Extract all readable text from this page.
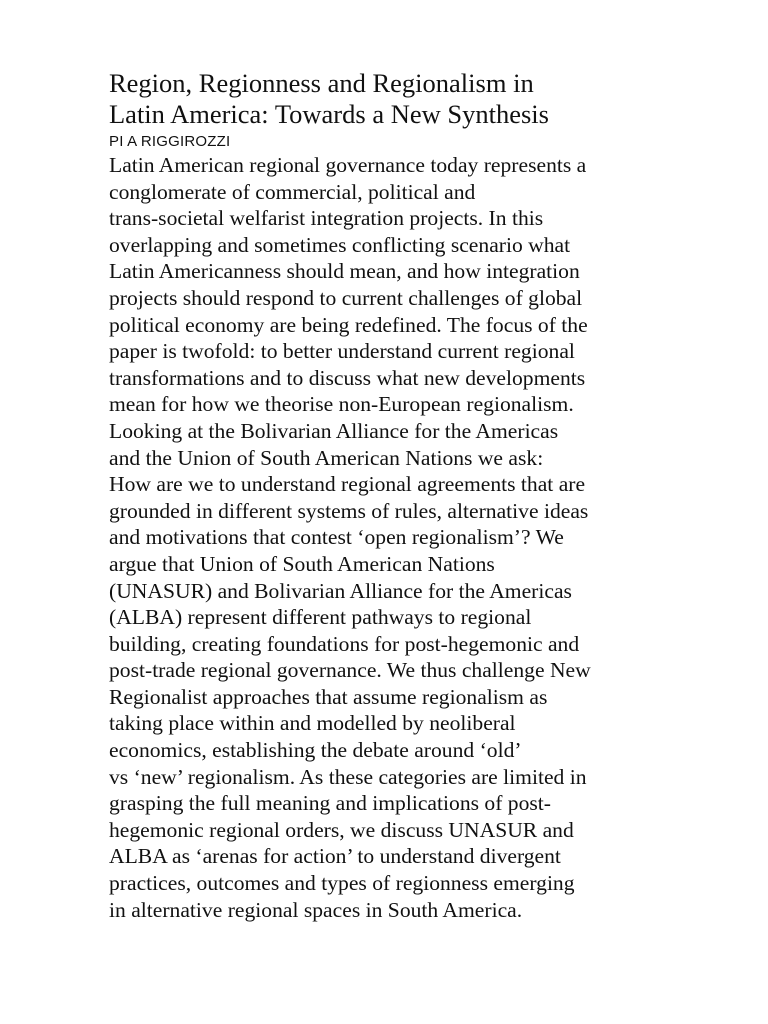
Region, Regionness and Regionalism in
Latin America: Towards a New Synthesis
PI A RIGGIROZZI

Latin American regional governance today represents a
conglomerate of commercial, political and
trans-societal welfarist integration projects. In this
overlapping and sometimes conflicting scenario what
Latin Americanness should mean, and how integration
projects should respond to current challenges of global
political economy are being redefined. The focus of the
paper is twofold: to better understand current regional
transformations and to discuss what new developments
mean for how we theorise non-European regionalism.
Looking at the Bolivarian Alliance for the Americas
and the Union of South American Nations we ask:
How are we to understand regional agreements that are
grounded in different systems of rules, alternative ideas
and motivations that contest ‘open regionalism’? We
argue that Union of South American Nations
(UNASUR) and Bolivarian Alliance for the Americas
(ALBA) represent different pathways to regional
building, creating foundations for post-hegemonic and
post-trade regional governance. We thus challenge New
Regionalist approaches that assume regionalism as
taking place within and modelled by neoliberal
economics, establishing the debate around ‘old’
vs ‘new’ regionalism. As these categories are limited in
grasping the full meaning and implications of post-
hegemonic regional orders, we discuss UNASUR and
ALBA as ‘arenas for action’ to understand divergent
practices, outcomes and types of regionness emerging
in alternative regional spaces in South America.
